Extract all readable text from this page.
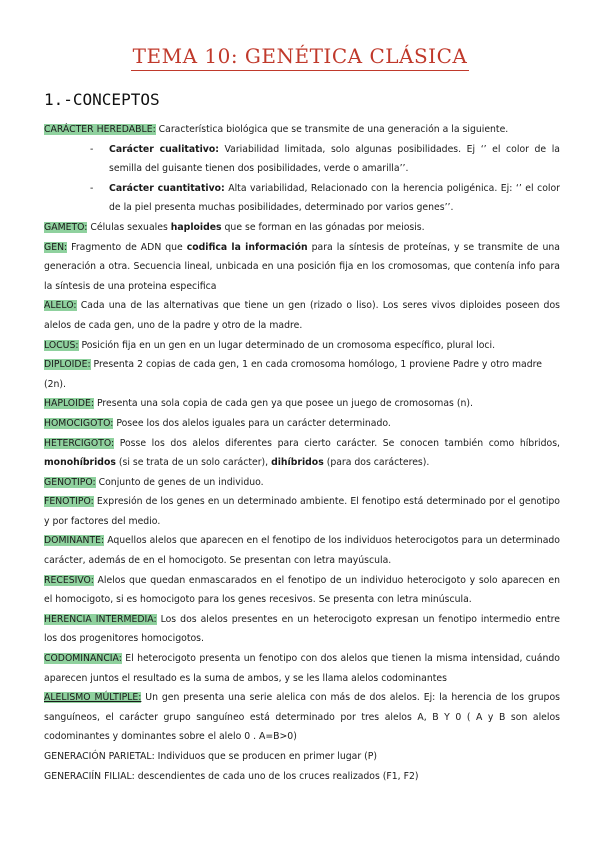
TEMA 10: GENÉTICA CLÁSICA
1.-CONCEPTOS

CARÁCTER HEREDABLE: Característica biológica que se transmite de una generación a la siguiente.

- Carácter cualitativo: Variabilidad limitada, solo algunas posibilidades. Ej ‘’ el color de la semilla del guisante tienen dos posibilidades, verde o amarilla’’.

- Carácter cuantitativo: Alta variabilidad, Relacionado con la herencia poligénica. Ej: ‘’ el color de la piel presenta muchas posibilidades, determinado por varios genes’’.

GAMETO: Células sexuales haploides que se forman en las gónadas por meiosis.

GEN: Fragmento de ADN que codifica la información para la síntesis de proteínas, y se transmite de una generación a otra. Secuencia lineal, unbicada en una posición fija en los cromosomas, que contenía info para la síntesis de una proteina especifica

ALELO: Cada una de las alternativas que tiene un gen (rizado o liso). Los seres vivos diploides poseen dos alelos de cada gen, uno de la padre y otro de la madre.

LOCUS: Posición fija en un gen en un lugar determinado de un cromosoma específico, plural loci.

DIPLOIDE: Presenta 2 copias de cada gen, 1 en cada cromosoma homólogo, 1 proviene Padre y otro madre (2n).

HAPLOIDE: Presenta una sola copia de cada gen ya que posee un juego de cromosomas (n).

HOMOCIGOTO: Posee los dos alelos iguales para un carácter determinado.

HETERCIGOTO: Posse los dos alelos diferentes para cierto carácter. Se conocen también como híbridos, monohíbridos (si se trata de un solo carácter), dihíbridos (para dos carácteres).

GENOTIPO: Conjunto de genes de un individuo.

FENOTIPO: Expresión de los genes en un determinado ambiente. El fenotipo está determinado por el genotipo y por factores del medio.

DOMINANTE: Aquellos alelos que aparecen en el fenotipo de los individuos heterocigotos para un determinado carácter, además de en el homocigoto. Se presentan con letra mayúscula.

RECESIVO: Alelos que quedan enmascarados en el fenotipo de un individuo heterocigoto y solo aparecen en el homocigoto, si es homocigoto para los genes recesivos. Se presenta con letra minúscula.

HERENCIA INTERMEDIA: Los dos alelos presentes en un heterocigoto expresan un fenotipo intermedio entre los dos progenitores homocigotos.

CODOMINANCIA: El heterocigoto presenta un fenotipo con dos alelos que tienen la misma intensidad, cuándo aparecen juntos el resultado es la suma de ambos, y se les llama alelos codominantes

ALELISMO MÚLTIPLE: Un gen presenta una serie alelica con más de dos alelos. Ej: la herencia de los grupos sanguíneos, el carácter grupo sanguíneo está determinado por tres alelos A, B Y 0 ( A y B son alelos codominantes y dominantes sobre el alelo 0 . A=B>0)

GENERACIÓN PARIETAL: Individuos que se producen en primer lugar (P)

GENERACIÍN FILIAL: descendientes de cada uno de los cruces realizados (F1, F2)
